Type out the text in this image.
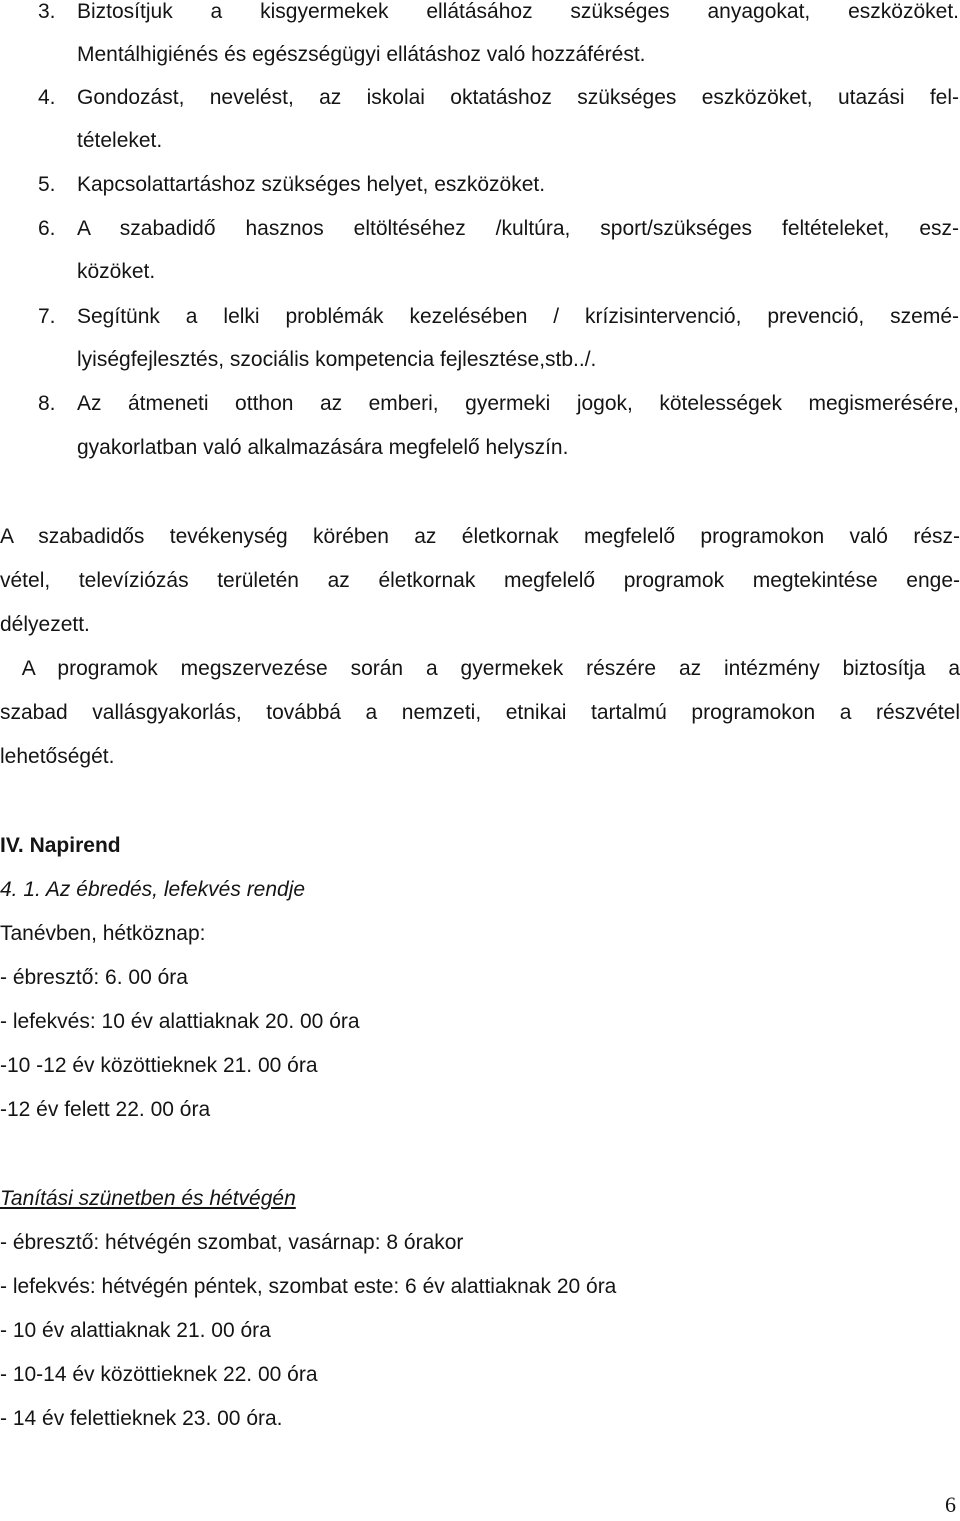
3. Biztosítjuk a kisgyermekek ellátásához szükséges anyagokat, eszközöket.

Mentálhigiénés és egészségügyi ellátáshoz való hozzáférést.

4. Gondozást, nevelést, az iskolai oktatáshoz szükséges eszközöket, utazási fel-

tételeket.

5. Kapcsolattartáshoz szükséges helyet, eszközöket.

6. A szabadidő hasznos eltöltéséhez /kultúra, sport/szükséges feltételeket, esz-

közöket.

7. Segítünk a lelki problémák kezelésében / krízisintervenció, prevenció, szemé-

lyiségfejlesztés, szociális kompetencia fejlesztése,stb../.

8. Az átmeneti otthon az emberi, gyermeki jogok, kötelességek megismerésére,

gyakorlatban való alkalmazására megfelelő helyszín.

A szabadidős tevékenység körében az életkornak megfelelő programokon való rész-

vétel, televíziózás területén az életkornak megfelelő programok megtekintése enge-

délyezett.

A programok megszervezése során a gyermekek részére az intézmény biztosítja a

szabad vallásgyakorlás, továbbá a nemzeti, etnikai tartalmú programokon a részvétel

lehetőségét.

IV. Napirend

4. 1. Az ébredés, lefekvés rendje

Tanévben, hétköznap:

- ébresztő: 6. 00 óra

- lefekvés: 10 év alattiaknak 20. 00 óra

-10 -12 év közöttieknek 21. 00 óra

-12 év felett 22. 00 óra

Tanítási szünetben és hétvégén

- ébresztő: hétvégén szombat, vasárnap: 8 órakor

- lefekvés: hétvégén péntek, szombat este: 6 év alattiaknak 20 óra

- 10 év alattiaknak 21. 00 óra

- 10-14 év közöttieknek 22. 00 óra

- 14 év felettieknek 23. 00 óra.

6
